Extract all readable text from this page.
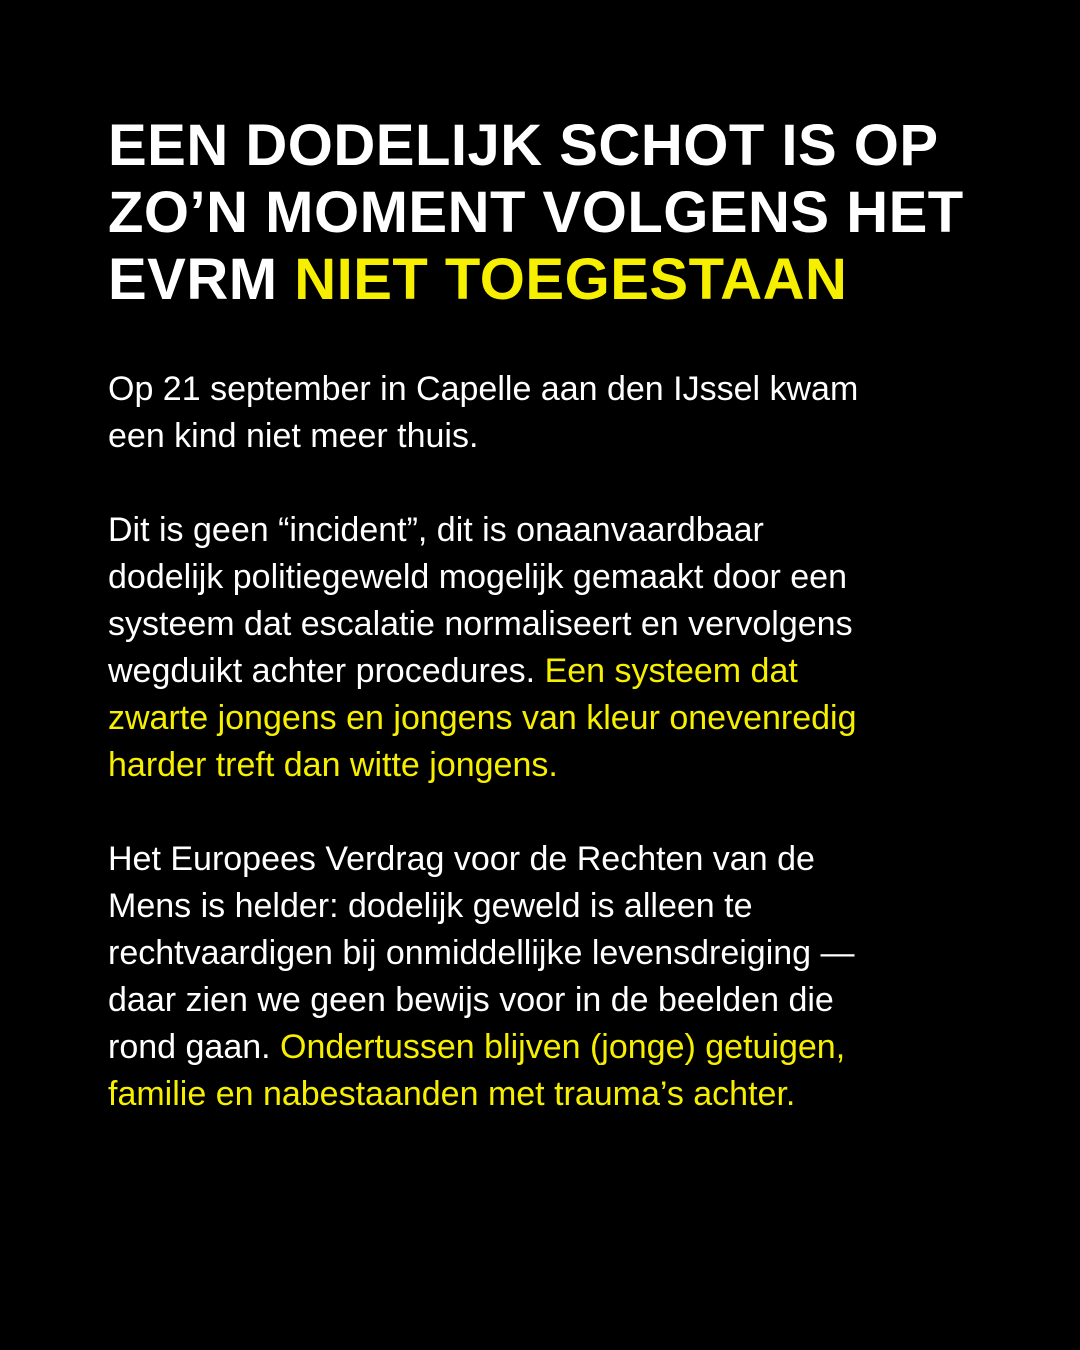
EEN DODELIJK SCHOT IS OP
ZO’N MOMENT VOLGENS HET
EVRM NIET TOEGESTAAN

Op 21 september in Capelle aan den IJssel kwam
een kind niet meer thuis.

Dit is geen “incident”, dit is onaanvaardbaar
dodelijk politiegeweld mogelijk gemaakt door een
systeem dat escalatie normaliseert en vervolgens
wegduikt achter procedures. Een systeem dat
zwarte jongens en jongens van kleur onevenredig
harder treft dan witte jongens.

Het Europees Verdrag voor de Rechten van de
Mens is helder: dodelijk geweld is alleen te
rechtvaardigen bij onmiddellijke levensdreiging —
daar zien we geen bewijs voor in de beelden die
rond gaan. Ondertussen blijven (jonge) getuigen,
familie en nabestaanden met trauma’s achter.
